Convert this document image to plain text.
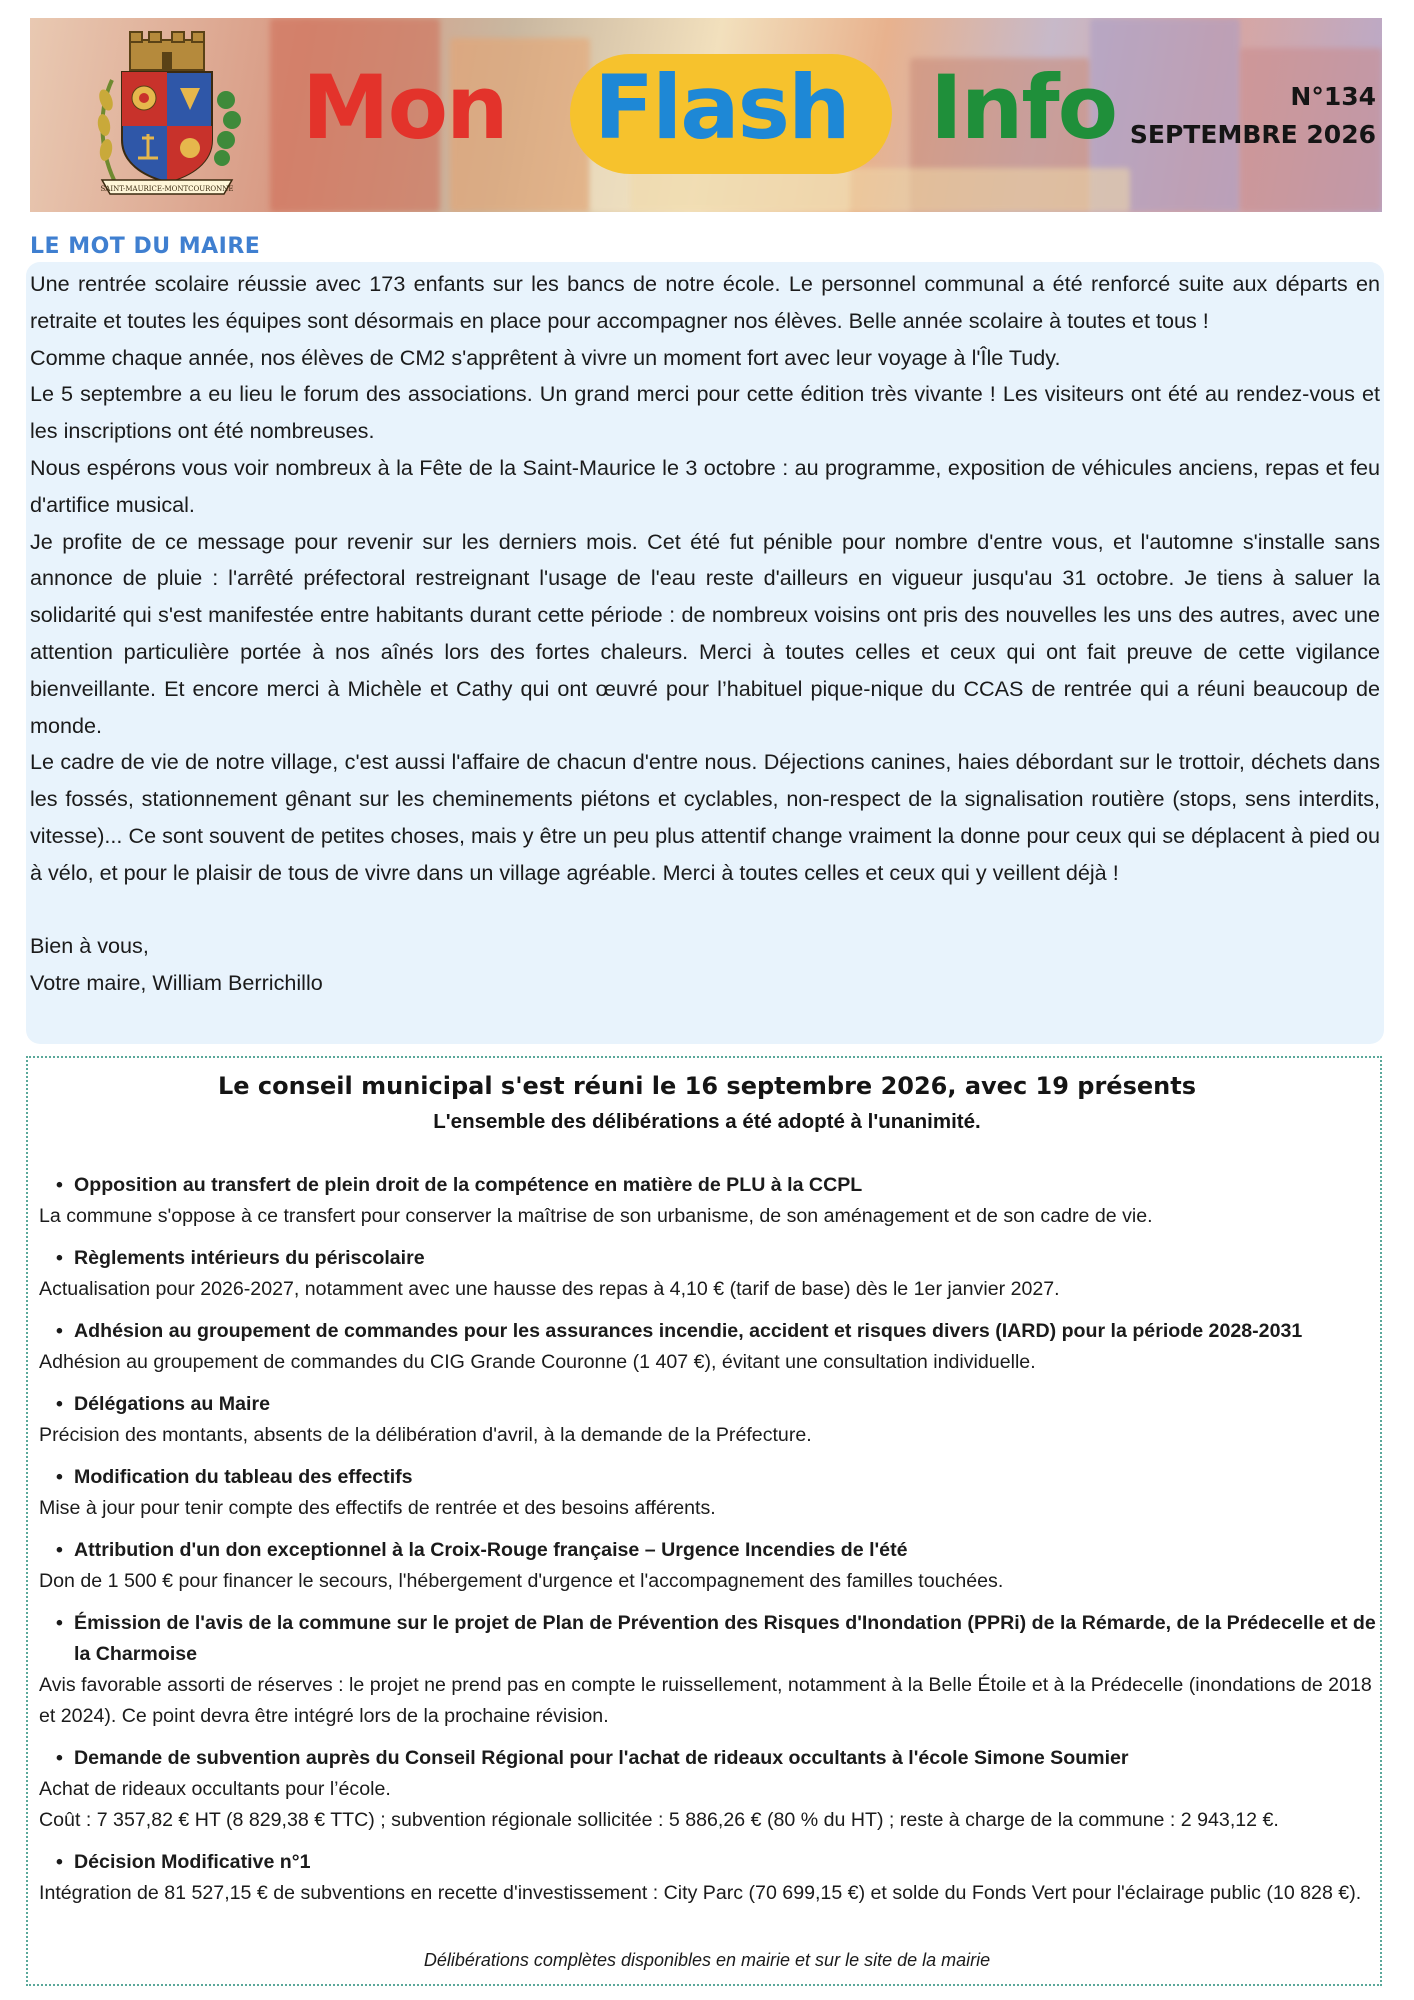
SAINT-MAURICE-MONTCOURONNE
Mon Flash Info	N°134
SEPTEMBRE 2026
LE MOT DU MAIRE

Une rentrée scolaire réussie avec 173 enfants sur les bancs de notre école. Le personnel communal a été renforcé suite aux départs en retraite et toutes les équipes sont désormais en place pour accompagner nos élèves. Belle année scolaire à toutes et tous !

Comme chaque année, nos élèves de CM2 s'apprêtent à vivre un moment fort avec leur voyage à l'Île Tudy.

Le 5 septembre a eu lieu le forum des associations. Un grand merci pour cette édition très vivante ! Les visiteurs ont été au rendez-vous et les inscriptions ont été nombreuses.

Nous espérons vous voir nombreux à la Fête de la Saint-Maurice le 3 octobre : au programme, exposition de véhicules anciens, repas et feu d'artifice musical.

Je profite de ce message pour revenir sur les derniers mois. Cet été fut pénible pour nombre d'entre vous, et l'automne s'installe sans annonce de pluie : l'arrêté préfectoral restreignant l'usage de l'eau reste d'ailleurs en vigueur jusqu'au 31 octobre. Je tiens à saluer la solidarité qui s'est manifestée entre habitants durant cette période : de nombreux voisins ont pris des nouvelles les uns des autres, avec une attention particulière portée à nos aînés lors des fortes chaleurs. Merci à toutes celles et ceux qui ont fait preuve de cette vigilance bienveillante. Et encore merci à Michèle et Cathy qui ont œuvré pour l’habituel pique-nique du CCAS de rentrée qui a réuni beaucoup de monde.

Le cadre de vie de notre village, c'est aussi l'affaire de chacun d'entre nous. Déjections canines, haies débordant sur le trottoir, déchets dans les fossés, stationnement gênant sur les cheminements piétons et cyclables, non-respect de la signalisation routière (stops, sens interdits, vitesse)... Ce sont souvent de petites choses, mais y être un peu plus attentif change vraiment la donne pour ceux qui se déplacent à pied ou à vélo, et pour le plaisir de tous de vivre dans un village agréable. Merci à toutes celles et ceux qui y veillent déjà !

Bien à vous,

Votre maire, William Berrichillo

Le conseil municipal s'est réuni le 16 septembre 2026, avec 19 présents
L'ensemble des délibérations a été adopté à l'unanimité.
• Opposition au transfert de plein droit de la compétence en matière de PLU à la CCPL
La commune s'oppose à ce transfert pour conserver la maîtrise de son urbanisme, de son aménagement et de son cadre de vie.
• Règlements intérieurs du périscolaire
Actualisation pour 2026-2027, notamment avec une hausse des repas à 4,10 € (tarif de base) dès le 1er janvier 2027.
• Adhésion au groupement de commandes pour les assurances incendie, accident et risques divers (IARD) pour la période 2028-2031
Adhésion au groupement de commandes du CIG Grande Couronne (1 407 €), évitant une consultation individuelle.
• Délégations au Maire
Précision des montants, absents de la délibération d'avril, à la demande de la Préfecture.
• Modification du tableau des effectifs
Mise à jour pour tenir compte des effectifs de rentrée et des besoins afférents.
• Attribution d'un don exceptionnel à la Croix-Rouge française – Urgence Incendies de l'été
Don de 1 500 € pour financer le secours, l'hébergement d'urgence et l'accompagnement des familles touchées.
• Émission de l'avis de la commune sur le projet de Plan de Prévention des Risques d'Inondation (PPRi) de la Rémarde, de la Prédecelle et de la Charmoise
Avis favorable assorti de réserves : le projet ne prend pas en compte le ruissellement, notamment à la Belle Étoile et à la Prédecelle (inondations de 2018 et 2024). Ce point devra être intégré lors de la prochaine révision.
• Demande de subvention auprès du Conseil Régional pour l'achat de rideaux occultants à l'école Simone Soumier
Achat de rideaux occultants pour l’école.
Coût : 7 357,82 € HT (8 829,38 € TTC) ; subvention régionale sollicitée : 5 886,26 € (80 % du HT) ; reste à charge de la commune : 2 943,12 €.
• Décision Modificative n°1
Intégration de 81 527,15 € de subventions en recette d'investissement : City Parc (70 699,15 €) et solde du Fonds Vert pour l'éclairage public (10 828 €).
Délibérations complètes disponibles en mairie et sur le site de la mairie
